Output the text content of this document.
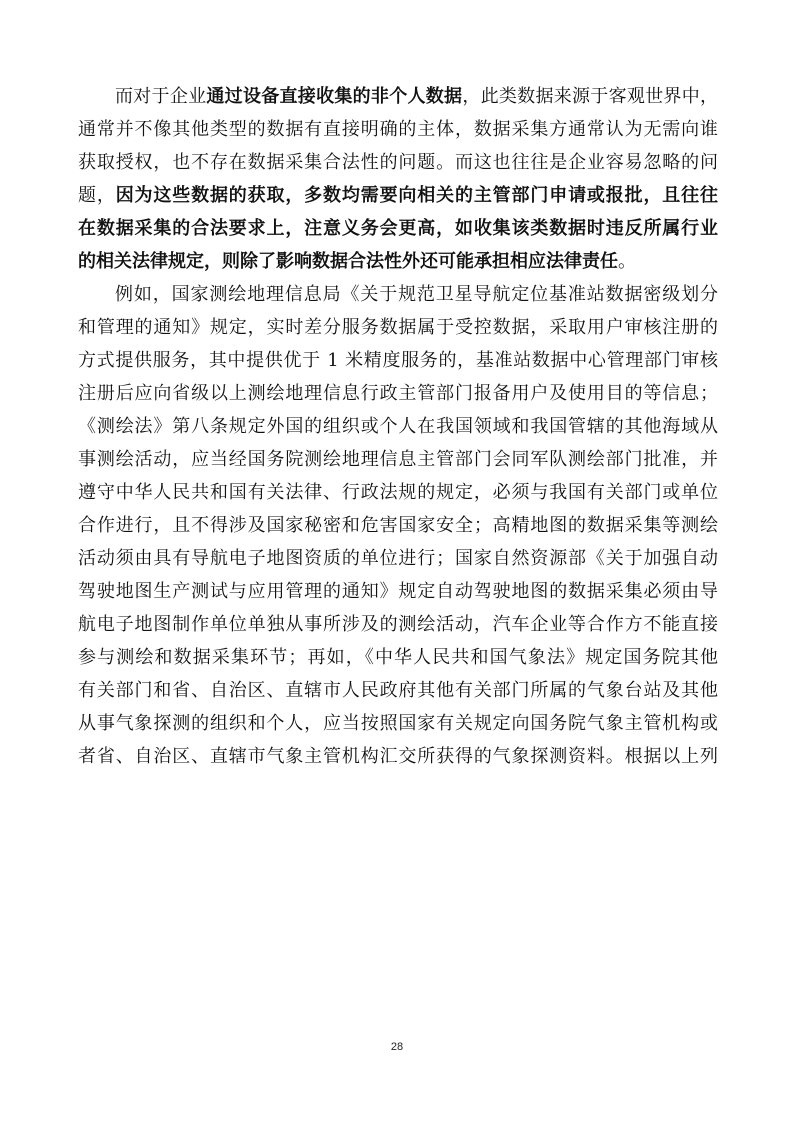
而对于企业通过设备直接收集的非个人数据，此类数据来源于客观世界中，
通常并不像其他类型的数据有直接明确的主体，数据采集方通常认为无需向谁
获取授权，也不存在数据采集合法性的问题。而这也往往是企业容易忽略的问
题，因为这些数据的获取，多数均需要向相关的主管部门申请或报批，且往往
在数据采集的合法要求上，注意义务会更高，如收集该类数据时违反所属行业
的相关法律规定，则除了影响数据合法性外还可能承担相应法律责任。
例如，国家测绘地理信息局《关于规范卫星导航定位基准站数据密级划分
和管理的通知》规定，实时差分服务数据属于受控数据，采取用户审核注册的
方式提供服务，其中提供优于 1 米精度服务的，基准站数据中心管理部门审核
注册后应向省级以上测绘地理信息行政主管部门报备用户及使用目的等信息；
《测绘法》第八条规定外国的组织或个人在我国领域和我国管辖的其他海域从
事测绘活动，应当经国务院测绘地理信息主管部门会同军队测绘部门批准，并
遵守中华人民共和国有关法律、行政法规的规定，必须与我国有关部门或单位
合作进行，且不得涉及国家秘密和危害国家安全；高精地图的数据采集等测绘
活动须由具有导航电子地图资质的单位进行；国家自然资源部《关于加强自动
驾驶地图生产测试与应用管理的通知》规定自动驾驶地图的数据采集必须由导
航电子地图制作单位单独从事所涉及的测绘活动，汽车企业等合作方不能直接
参与测绘和数据采集环节；再如，《中华人民共和国气象法》规定国务院其他
有关部门和省、自治区、直辖市人民政府其他有关部门所属的气象台站及其他
从事气象探测的组织和个人，应当按照国家有关规定向国务院气象主管机构或
者省、自治区、直辖市气象主管机构汇交所获得的气象探测资料。根据以上列
28
